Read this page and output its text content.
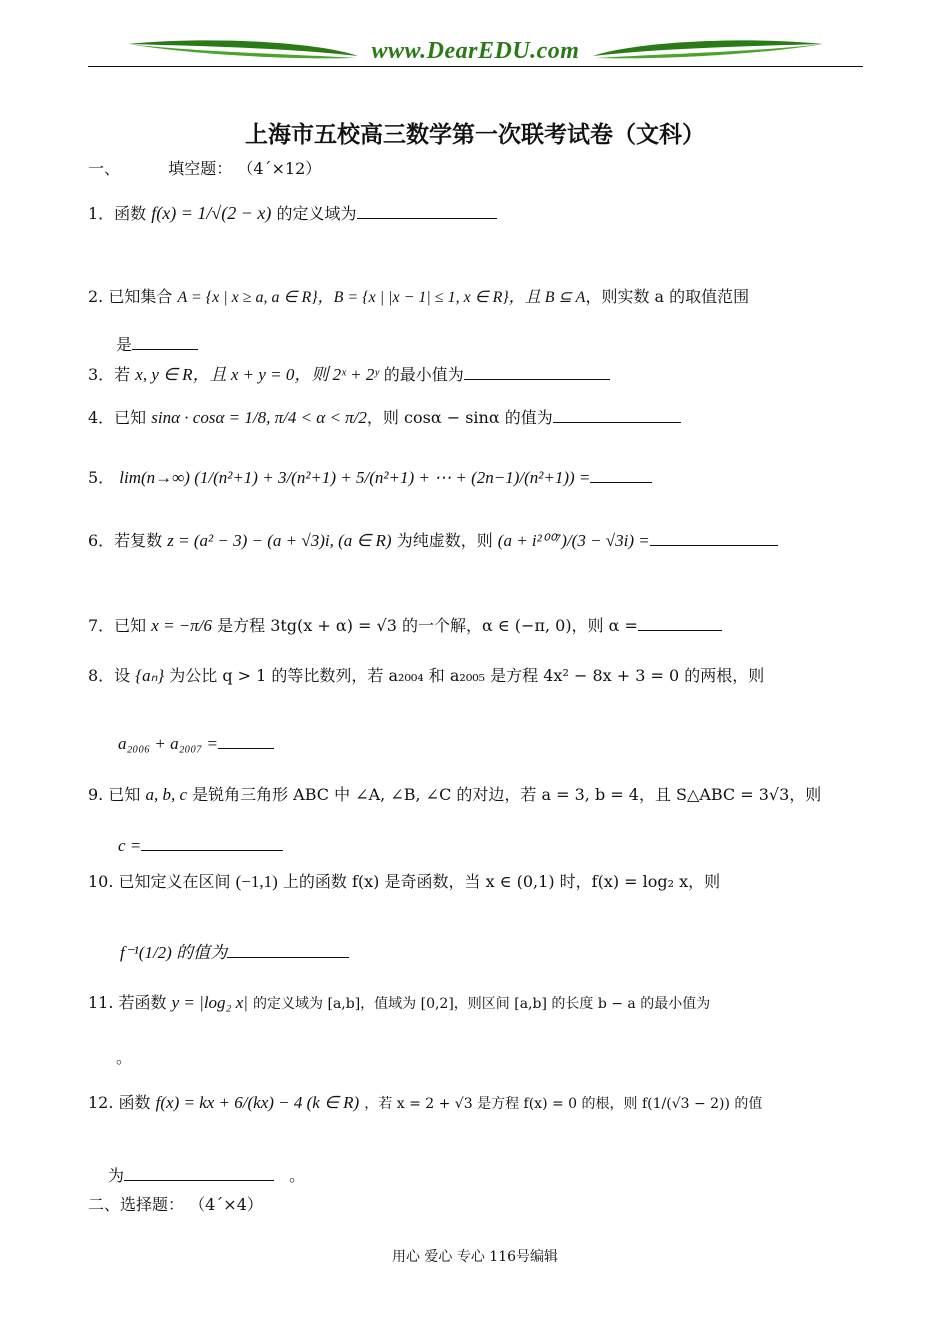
www.DearEDU.com
上海市五校高三数学第一次联考试卷（文科）
一、	填空题： （4´×12）
1．函数 f(x) = 1/√(2 − x) 的定义域为
2. 已知集合 A = {x | x ≥ a, a ∈ R}，B = {x | |x − 1| ≤ 1, x ∈ R}，且 B ⊆ A，则实数 a 的取值范围
是
3．若 x, y ∈ R，且 x + y = 0，则 2ˣ + 2ʸ 的最小值为
4．已知 sinα · cosα = 1/8, π/4 < α < π/2，则 cosα − sinα 的值为
5． lim(n→∞) (1/(n²+1) + 3/(n²+1) + 5/(n²+1) + ⋯ + (2n−1)/(n²+1)) =
6．若复数 z = (a² − 3) − (a + √3)i, (a ∈ R) 为纯虚数，则 (a + i²⁰⁰⁷)/(3 − √3i) =
7．已知 x = −π/6 是方程 3tg(x + α) = √3 的一个解，α ∈ (−π, 0)，则 α =
8．设 {aₙ} 为公比 q > 1 的等比数列，若 a₂₀₀₄ 和 a₂₀₀₅ 是方程 4x² − 8x + 3 = 0 的两根，则
a₂₀₀₆ + a₂₀₀₇ =
9. 已知 a, b, c 是锐角三角形 ABC 中 ∠A, ∠B, ∠C 的对边，若 a = 3, b = 4，且 S△ABC = 3√3，则
c =
10. 已知定义在区间 (−1,1) 上的函数 f(x) 是奇函数，当 x ∈ (0,1) 时，f(x) = log₂ x，则
f⁻¹(1/2) 的值为
11. 若函数 y = |log₂ x| 的定义域为 [a,b]，值域为 [0,2]，则区间 [a,b] 的长度 b − a 的最小值为
。
12. 函数 f(x) = kx + 6/(kx) − 4 (k ∈ R) ，若 x = 2 + √3 是方程 f(x) = 0 的根，则 f(1/(√3 − 2)) 的值
为	。
二、选择题： （4´×4）
用心 爱心 专心 116号编辑
